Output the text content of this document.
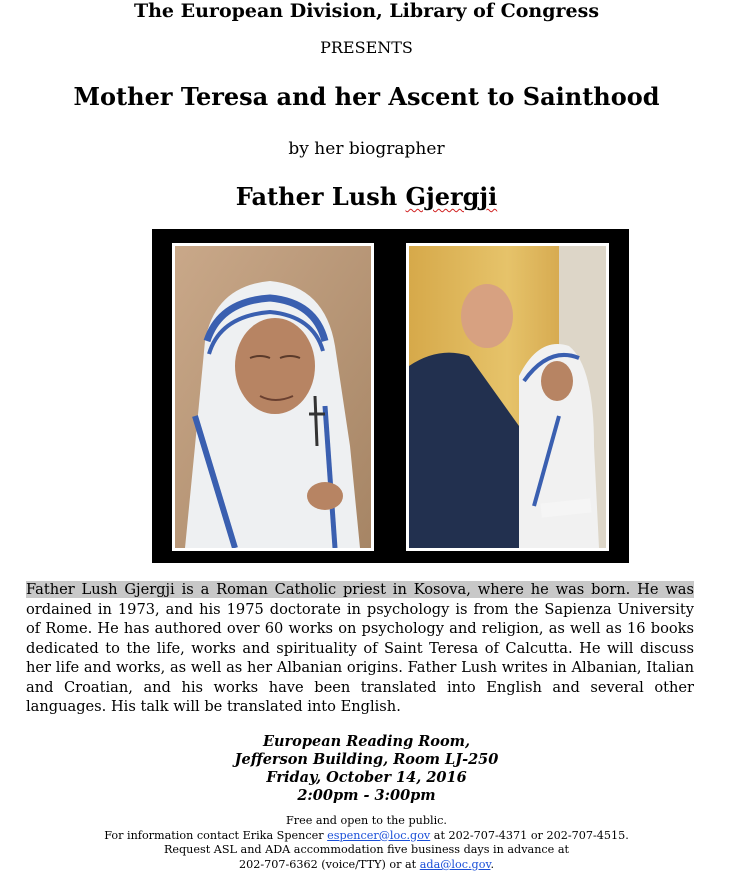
The European Division, Library of Congress
PRESENTS
Mother Teresa and her Ascent to Sainthood
by her biographer
Father Lush Gjergji
Father Lush Gjergji is a Roman Catholic priest in Kosova, where he was born. He was ordained in 1973, and his 1975 doctorate in psychology is from the Sapienza University of Rome. He has authored over 60 works on psychology and religion, as well as 16 books dedicated to the life, works and spirituality of Saint Teresa of Calcutta. He will discuss her life and works, as well as her Albanian origins. Father Lush writes in Albanian, Italian and Croatian, and his works have been translated into English and several other languages. His talk will be translated into English.
European Reading Room,
Jefferson Building, Room LJ-250
Friday, October 14, 2016
2:00pm - 3:00pm
Free and open to the public.
For information contact Erika Spencer espencer@loc.gov at 202-707-4371 or 202-707-4515.
Request ASL and ADA accommodation five business days in advance at
202-707-6362 (voice/TTY) or at ada@loc.gov.
